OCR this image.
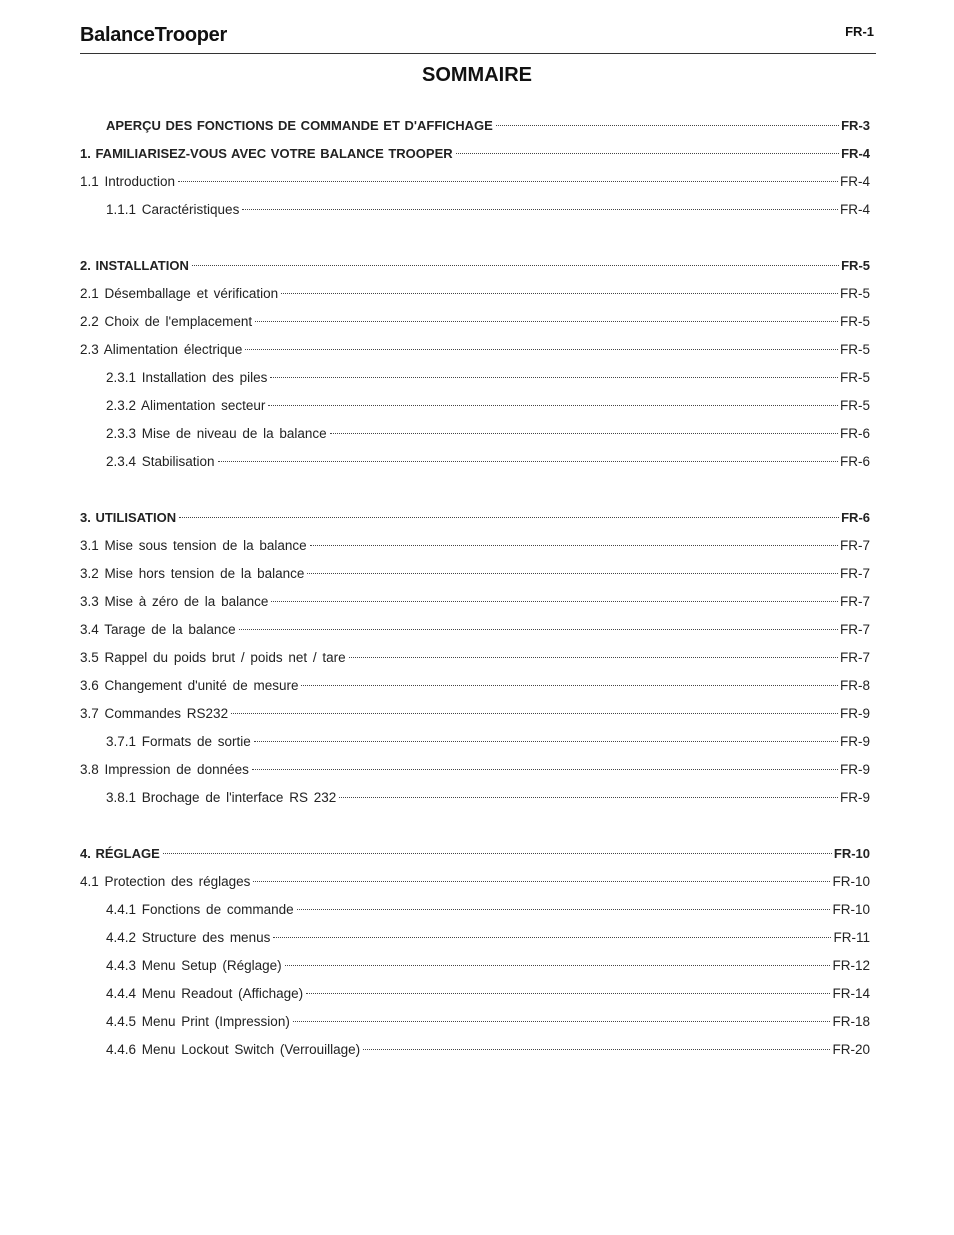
BalanceTrooper	FR-1
SOMMAIRE
APERÇU DES FONCTIONS DE COMMANDE ET D'AFFICHAGE	FR-3
1. FAMILIARISEZ-VOUS AVEC VOTRE BALANCE TROOPER	FR-4
1.1 Introduction	FR-4
1.1.1 Caractéristiques	FR-4
2. INSTALLATION	FR-5
2.1 Désemballage et vérification	FR-5
2.2 Choix de l'emplacement	FR-5
2.3 Alimentation électrique	FR-5
2.3.1 Installation des piles	FR-5
2.3.2 Alimentation secteur	FR-5
2.3.3 Mise de niveau de la balance	FR-6
2.3.4 Stabilisation	FR-6
3. UTILISATION	FR-6
3.1 Mise sous tension de la balance	FR-7
3.2 Mise hors tension de la balance	FR-7
3.3 Mise à zéro de la balance	FR-7
3.4 Tarage de la balance	FR-7
3.5 Rappel du poids brut / poids net / tare	FR-7
3.6 Changement d'unité de mesure	FR-8
3.7 Commandes RS232	FR-9
3.7.1 Formats de sortie	FR-9
3.8 Impression de données	FR-9
3.8.1 Brochage de l'interface RS 232	FR-9
4. RÉGLAGE	FR-10
4.1 Protection des réglages	FR-10
4.4.1 Fonctions de commande	FR-10
4.4.2 Structure des menus	FR-11
4.4.3 Menu Setup (Réglage)	FR-12
4.4.4 Menu Readout (Affichage)	FR-14
4.4.5 Menu Print (Impression)	FR-18
4.4.6 Menu Lockout Switch (Verrouillage)	FR-20
